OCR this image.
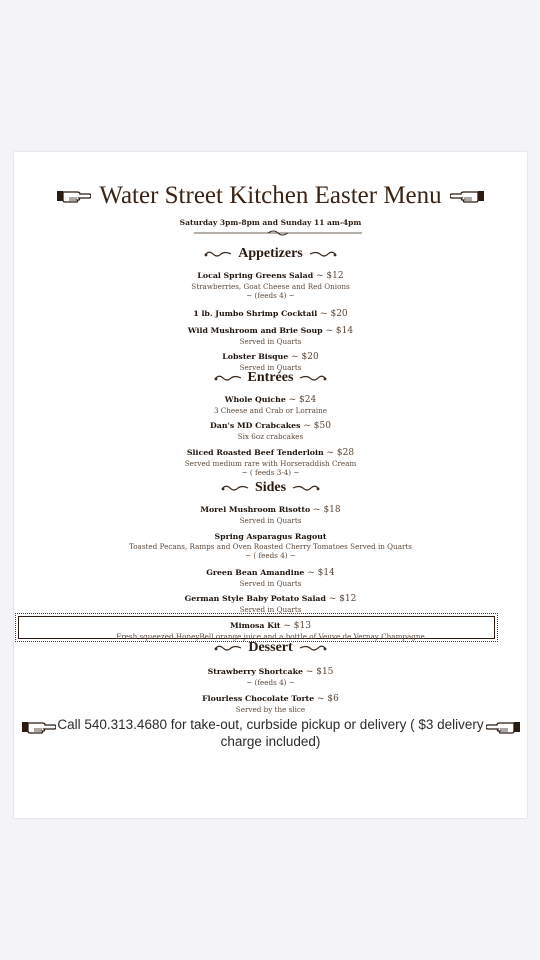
Water Street Kitchen Easter Menu
Saturday 3pm-8pm and Sunday 11 am-4pm
Appetizers
Local Spring Greens Salad ~ $12
Strawberries, Goat Cheese and Red Onions
~ (feeds 4) ~
1 lb. Jumbo Shrimp Cocktail ~ $20
Wild Mushroom and Brie Soup ~ $14
Served in Quarts
Lobster Bisque ~ $20
Served in Quarts
Entrées
Whole Quiche ~ $24
3 Cheese and Crab or Lorraine
Dan's MD Crabcakes ~ $50
Six 6oz crabcakes
Sliced Roasted Beef Tenderloin ~ $28
Served medium rare with Horseraddish Cream
~ ( feeds 3-4) ~
Sides
Morel Mushroom Risotto ~ $18
Served in Quarts
Spring Asparagus Ragout
Toasted Pecans, Ramps and Oven Roasted Cherry Tomatoes Served in Quarts
~ ( feeds 4) ~
Green Bean Amandine ~ $14
Served in Quarts
German Style Baby Potato Salad ~ $12
Served in Quarts
Mimosa Kit ~ $13
Fresh squeezed HoneyBell orange juice and a bottle of Veuve de Vernay Champagne
Dessert
Strawberry Shortcake ~ $15
~ (feeds 4) ~
Flourless Chocolate Torte ~ $6
Served by the slice
Call 540.313.4680 for take-out, curbside pickup or delivery ( $3 delivery charge included)
